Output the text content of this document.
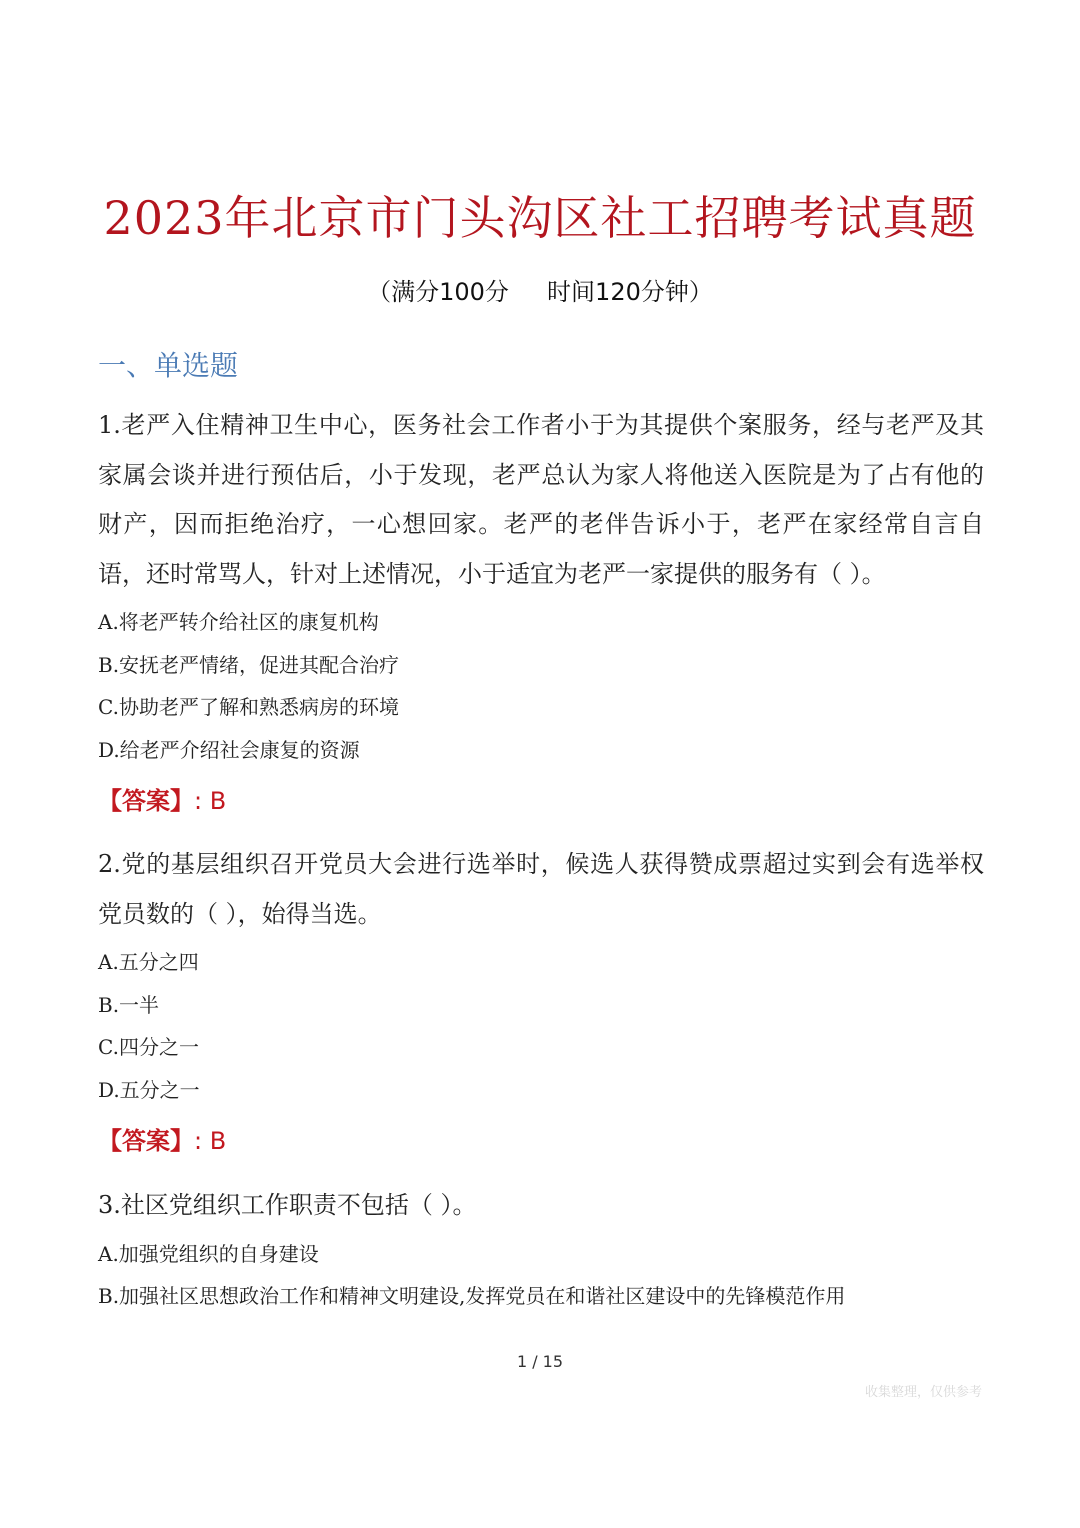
2023年北京市门头沟区社工招聘考试真题
（满分100分     时间120分钟）
一、单选题

1.老严入住精神卫生中心，医务社会工作者小于为其提供个案服务，经与老严及其家属会谈并进行预估后，小于发现，老严总认为家人将他送入医院是为了占有他的财产，因而拒绝治疗，一心想回家。老严的老伴告诉小于，老严在家经常自言自语，还时常骂人，针对上述情况，小于适宜为老严一家提供的服务有（ ）。

A.将老严转介给社区的康复机构

B.安抚老严情绪，促进其配合治疗

C.协助老严了解和熟悉病房的环境

D.给老严介绍社会康复的资源

【答案】: B

2.党的基层组织召开党员大会进行选举时，候选人获得赞成票超过实到会有选举权党员数的（ ），始得当选。

A.五分之四

B.一半

C.四分之一

D.五分之一

【答案】: B

3.社区党组织工作职责不包括（ ）。

A.加强党组织的自身建设

B.加强社区思想政治工作和精神文明建设,发挥党员在和谐社区建设中的先锋模范作用

1 / 15
收集整理，仅供参考
